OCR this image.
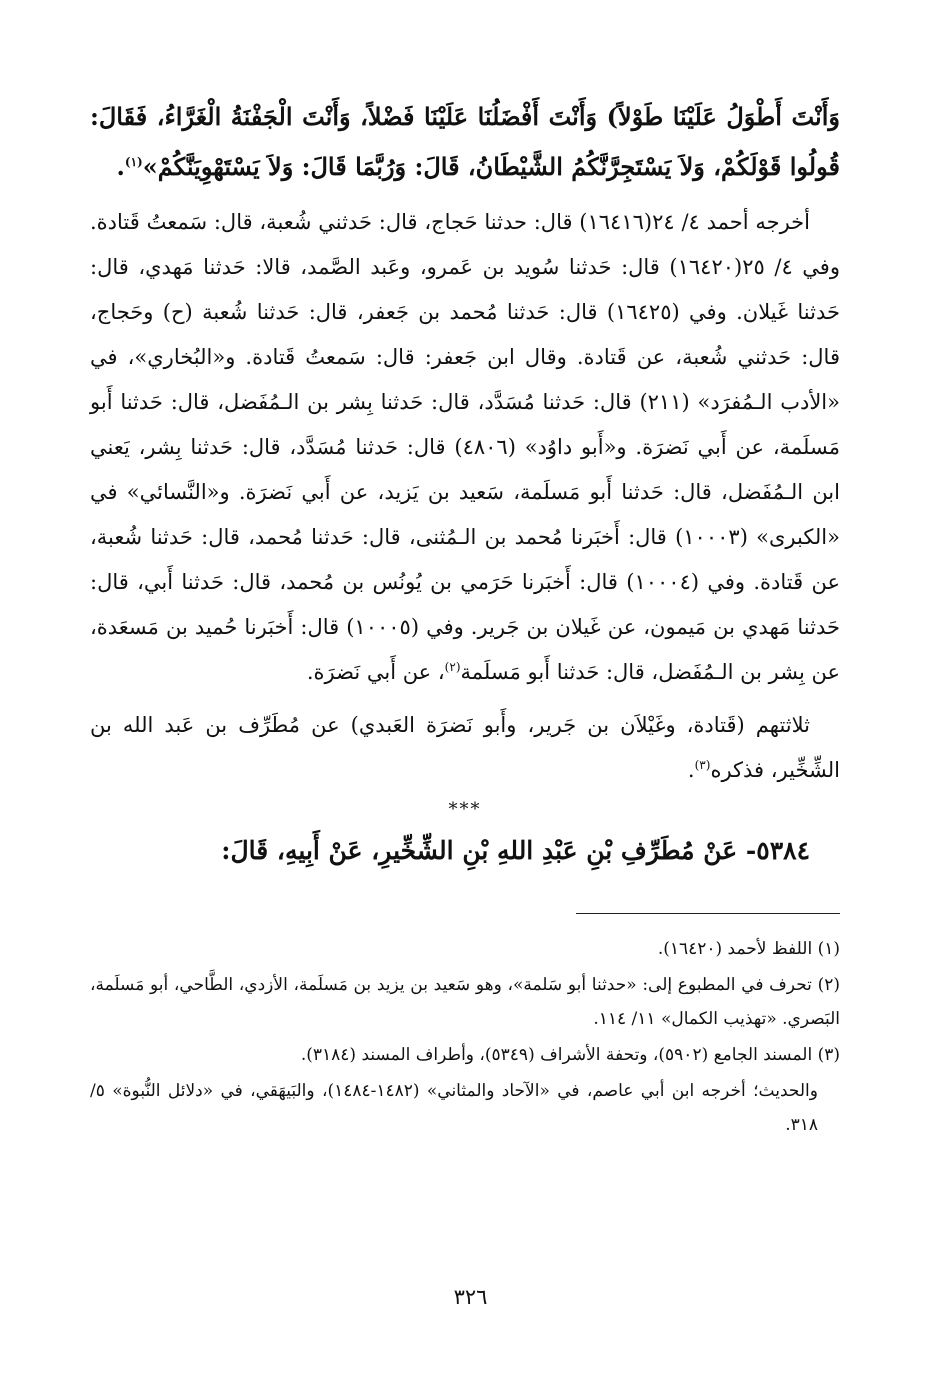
وَأَنْتَ أَطْوَلُ عَلَيْنَا طَوْلاً) وَأَنْتَ أَفْضَلُنَا عَلَيْنَا فَضْلاً، وَأَنْتَ الْجَفْنَةُ الْغَرَّاءُ، فَقَالَ: قُولُوا قَوْلَكُمْ، وَلاَ يَسْتَجِرَّنَّكُمُ الشَّيْطَانُ، قَالَ: وَرُبَّمَا قَالَ: وَلاَ يَسْتَهْوِيَنَّكُمْ»$^{(١)}$.

أخرجه أحمد ٤/ ٢٤(١٦٤١٦) قال: حدثنا حَجاج، قال: حَدثني شُعبة، قال: سَمعتُ قَتادة. وفي ٤/ ٢٥(١٦٤٢٠) قال: حَدثنا سُويد بن عَمرو، وعَبد الصَّمد، قالا: حَدثنا مَهدي، قال: حَدثنا غَيلان. وفي (١٦٤٢٥) قال: حَدثنا مُحمد بن جَعفر، قال: حَدثنا شُعبة (ح) وحَجاج، قال: حَدثني شُعبة، عن قَتادة. وقال ابن جَعفر: قال: سَمعتُ قَتادة. و«البُخاري»، في «الأدب الـمُفرَد» (٢١١) قال: حَدثنا مُسَدَّد، قال: حَدثنا بِشر بن الـمُفَضل، قال: حَدثنا أَبو مَسلَمة، عن أَبي نَضرَة. و«أَبو داوُد» (٤٨٠٦) قال: حَدثنا مُسَدَّد، قال: حَدثنا بِشر، يَعني ابن الـمُفَضل، قال: حَدثنا أَبو مَسلَمة، سَعيد بن يَزيد، عن أَبي نَضرَة. و«النَّسائي» في «الكبرى» (١٠٠٠٣) قال: أَخبَرنا مُحمد بن الـمُثنى، قال: حَدثنا مُحمد، قال: حَدثنا شُعبة، عن قَتادة. وفي (١٠٠٠٤) قال: أَخبَرنا حَرَمي بن يُونُس بن مُحمد، قال: حَدثنا أَبي، قال: حَدثنا مَهدي بن مَيمون، عن غَيلان بن جَرير. وفي (١٠٠٠٥) قال: أَخبَرنا حُميد بن مَسعَدة، عن بِشر بن الـمُفَضل، قال: حَدثنا أَبو مَسلَمة$^{(٢)}$، عن أَبي نَضرَة.

ثلاثتهم (قَتادة، وغَيْلاَن بن جَرير، وأَبو نَضرَة العَبدي) عن مُطَرِّف بن عَبد الله بن الشِّخِّير، فذكره$^{(٣)}$.

***

٥٣٨٤- عَنْ مُطَرِّفِ بْنِ عَبْدِ اللهِ بْنِ الشِّخِّيرِ، عَنْ أَبِيهِ، قَالَ:

(١) اللفظ لأحمد (١٦٤٢٠).

(٢) تحرف في المطبوع إلى: «حدثنا أبو سَلمة»، وهو سَعيد بن يزيد بن مَسلَمة، الأزدي، الطَّاحي، أبو مَسلَمة، البَصري. «تهذيب الكمال» ١١/ ١١٤.

(٣) المسند الجامع (٥٩٠٢)، وتحفة الأشراف (٥٣٤٩)، وأطراف المسند (٣١٨٤).

والحديث؛ أخرجه ابن أبي عاصم، في «الآحاد والمثاني» (١٤٨٢-١٤٨٤)، والبَيهَقي، في «دلائل النُّبوة» ٥/ ٣١٨.

٣٢٦
